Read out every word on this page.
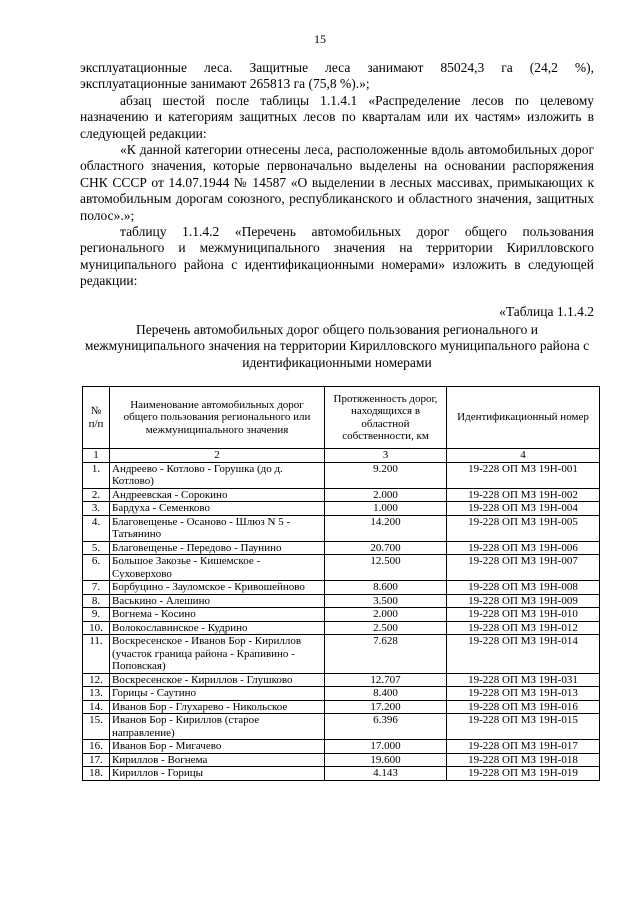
15

эксплуатационные леса. Защитные леса занимают 85024,3 га (24,2 %), эксплуатационные занимают 265813 га (75,8 %).»;

абзац шестой после таблицы 1.1.4.1 «Распределение лесов по целевому назначению и категориям защитных лесов по кварталам или их частям» изложить в следующей редакции:

«К данной категории отнесены леса, расположенные вдоль автомобильных дорог областного значения, которые первоначально выделены на основании распоряжения СНК СССР от 14.07.1944 № 14587 «О выделении в лесных массивах, примыкающих к автомобильным дорогам союзного, республиканского и областного значения, защитных полос».»;

таблицу 1.1.4.2 «Перечень автомобильных дорог общего пользования регионального и межмуниципального значения на территории Кирилловского муниципального района с идентификационными номерами» изложить в следующей редакции:

«Таблица 1.1.4.2

Перечень автомобильных дорог общего пользования регионального и межмуниципального значения на территории Кирилловского муниципального района с идентификационными номерами

№ п/п	Наименование автомобильных дорог общего пользования регионального или межмуниципального значения	Протяженность дорог, находящихся в областной собственности, км	Идентификационный номер
1	2	3	4
1.	Андреево - Котлово - Горушка (до д. Котлово)	9.200	19-228 ОП МЗ 19Н-001
2.	Андреевская - Сорокино	2.000	19-228 ОП МЗ 19Н-002
3.	Бардуха - Семенково	1.000	19-228 ОП МЗ 19Н-004
4.	Благовещенье - Осаново - Шлюз N 5 - Татьянино	14.200	19-228 ОП МЗ 19Н-005
5.	Благовещенье - Передово - Паунино	20.700	19-228 ОП МЗ 19Н-006
6.	Большое Закозье - Кишемское - Суховерхово	12.500	19-228 ОП МЗ 19Н-007
7.	Борбуцино - Зауломское - Кривошейново	8.600	19-228 ОП МЗ 19Н-008
8.	Васькино - Алешино	3.500	19-228 ОП МЗ 19Н-009
9.	Вогнема - Косино	2.000	19-228 ОП МЗ 19Н-010
10.	Волокославинское - Кудрино	2.500	19-228 ОП МЗ 19Н-012
11.	Воскресенское - Иванов Бор - Кириллов (участок граница района - Крапивино - Поповская)	7.628	19-228 ОП МЗ 19Н-014
12.	Воскресенское - Кириллов - Глушково	12.707	19-228 ОП МЗ 19Н-031
13.	Горицы - Саутино	8.400	19-228 ОП МЗ 19Н-013
14.	Иванов Бор - Глухарево - Никольское	17.200	19-228 ОП МЗ 19Н-016
15.	Иванов Бор - Кириллов (старое направление)	6.396	19-228 ОП МЗ 19Н-015
16.	Иванов Бор - Мигачево	17.000	19-228 ОП МЗ 19Н-017
17.	Кириллов - Вогнема	19.600	19-228 ОП МЗ 19Н-018
18.	Кириллов - Горицы	4.143	19-228 ОП МЗ 19Н-019
